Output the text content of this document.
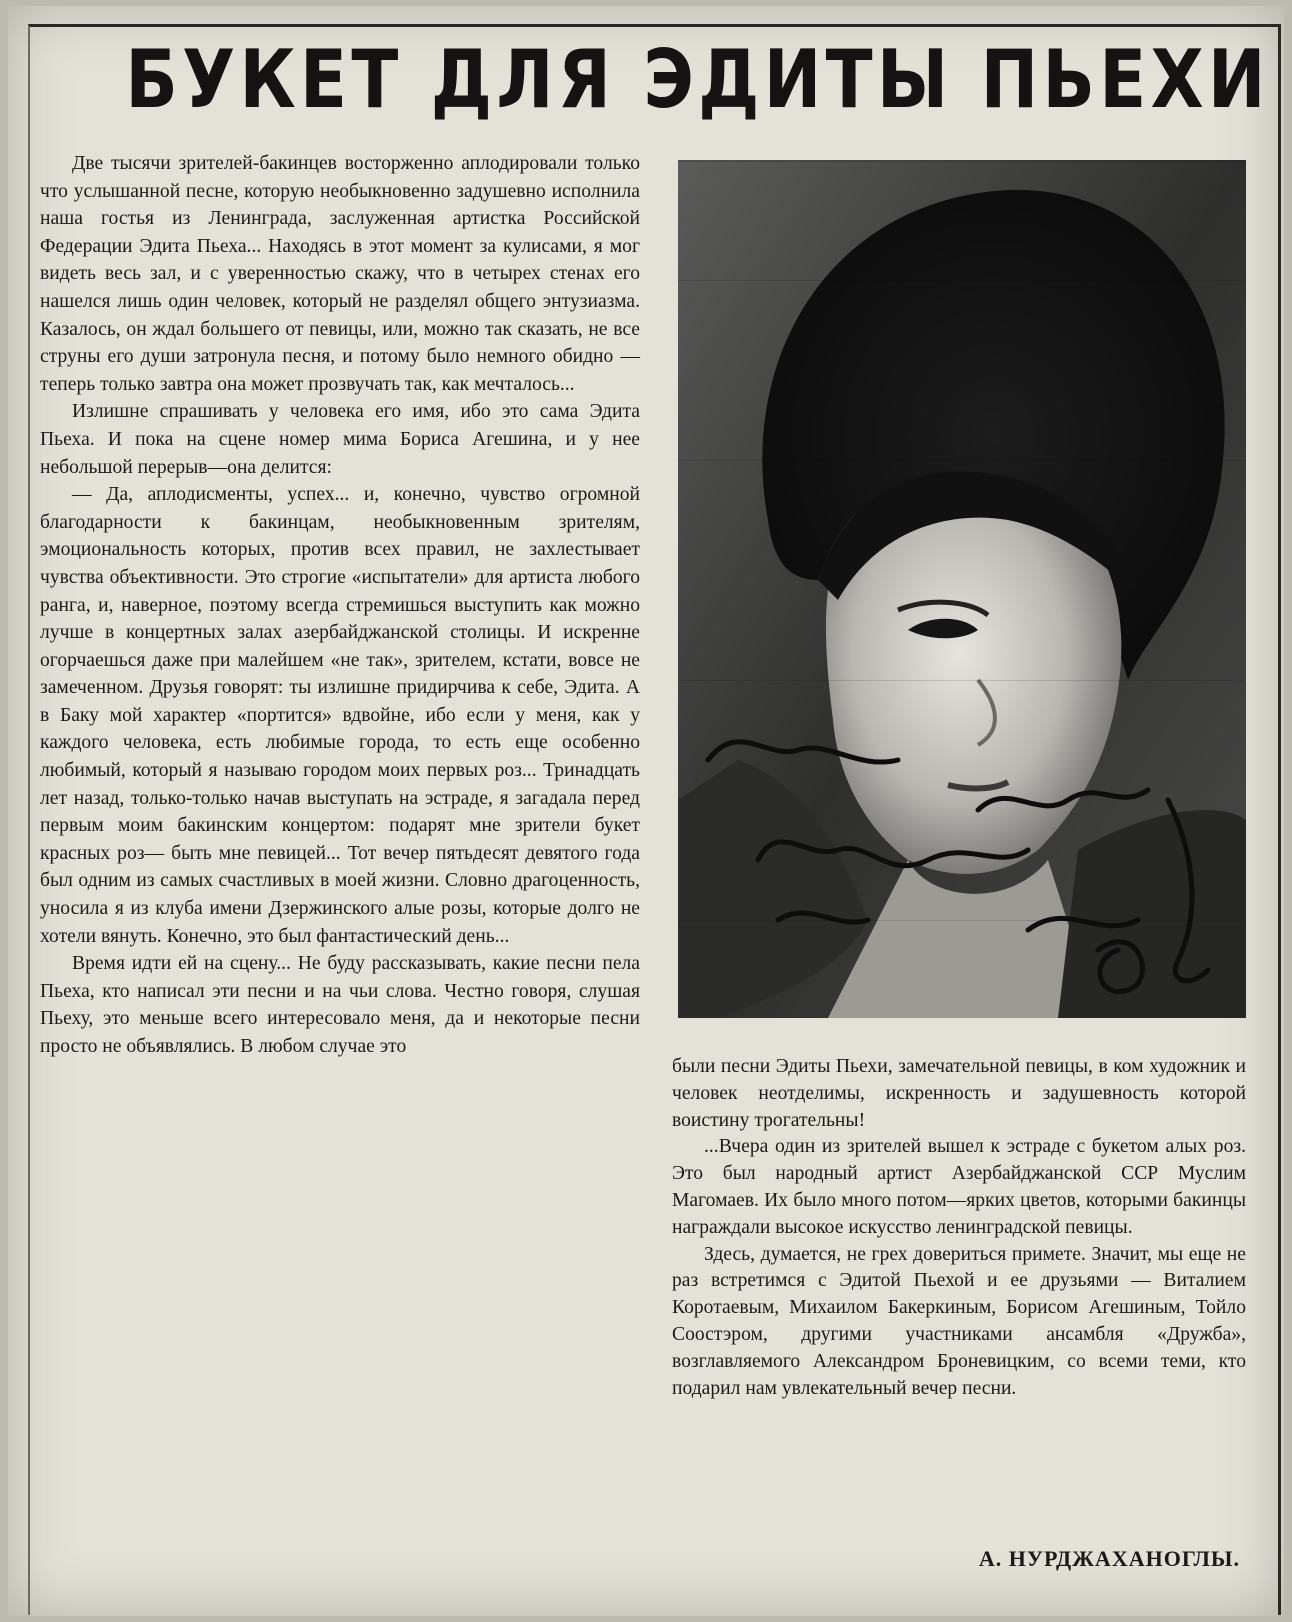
БУКЕТ ДЛЯ ЭДИТЫ ПЬЕХИ

Две тысячи зрителей-бакинцев восторженно аплодировали только что услышанной песне, которую необыкновенно задушевно исполнила наша гостья из Ленинграда, заслуженная артистка Российской Федерации Эдита Пьеха... Находясь в этот момент за кулисами, я мог видеть весь зал, и с уверенностью скажу, что в четырех стенах его нашелся лишь один человек, который не разделял общего энтузиазма. Казалось, он ждал большего от певицы, или, можно так сказать, не все струны его души затронула песня, и потому было немного обидно — теперь только завтра она может прозвучать так, как мечталось...

Излишне спрашивать у человека его имя, ибо это сама Эдита Пьеха. И пока на сцене номер мима Бориса Агешина, и у нее небольшой перерыв—она делится:

— Да, аплодисменты, успех... и, конечно, чувство огромной благодарности к бакинцам, необыкновенным зрителям, эмоциональность которых, против всех правил, не захлестывает чувства объективности. Это строгие «испытатели» для артиста любого ранга, и, наверное, поэтому всегда стремишься выступить как можно лучше в концертных залах азербайджанской столицы. И искренне огорчаешься даже при малейшем «не так», зрителем, кстати, вовсе не замеченном. Друзья говорят: ты излишне придирчива к себе, Эдита. А в Баку мой характер «портится» вдвойне, ибо если у меня, как у каждого человека, есть любимые города, то есть еще особенно любимый, который я называю городом моих первых роз... Тринадцать лет назад, только-только начав выступать на эстраде, я загадала перед первым моим бакинским концертом: подарят мне зрители букет красных роз— быть мне певицей... Тот вечер пятьдесят девятого года был одним из самых счастливых в моей жизни. Словно драгоценность, уносила я из клуба имени Дзержинского алые розы, которые долго не хотели вянуть. Конечно, это был фантастический день...

Время идти ей на сцену... Не буду рассказывать, какие песни пела Пьеха, кто написал эти песни и на чьи слова. Честно говоря, слушая Пьеху, это меньше всего интересовало меня, да и некоторые песни просто не объявлялись. В любом случае это

были песни Эдиты Пьехи, замечательной певицы, в ком художник и человек неотделимы, искренность и задушевность которой воистину трогательны!

...Вчера один из зрителей вышел к эстраде с букетом алых роз. Это был народный артист Азербайджанской ССР Муслим Магомаев. Их было много потом—ярких цветов, которыми бакинцы награждали высокое искусство ленинградской певицы.

Здесь, думается, не грех довериться примете. Значит, мы еще не раз встретимся с Эдитой Пьехой и ее друзьями — Виталием Коротаевым, Михаилом Бакеркиным, Борисом Агешиным, Тойло Соостэром, другими участниками ансамбля «Дружба», возглавляемого Александром Броневицким, со всеми теми, кто подарил нам увлекательный вечер песни.

А. НУРДЖАХАНОГЛЫ.
